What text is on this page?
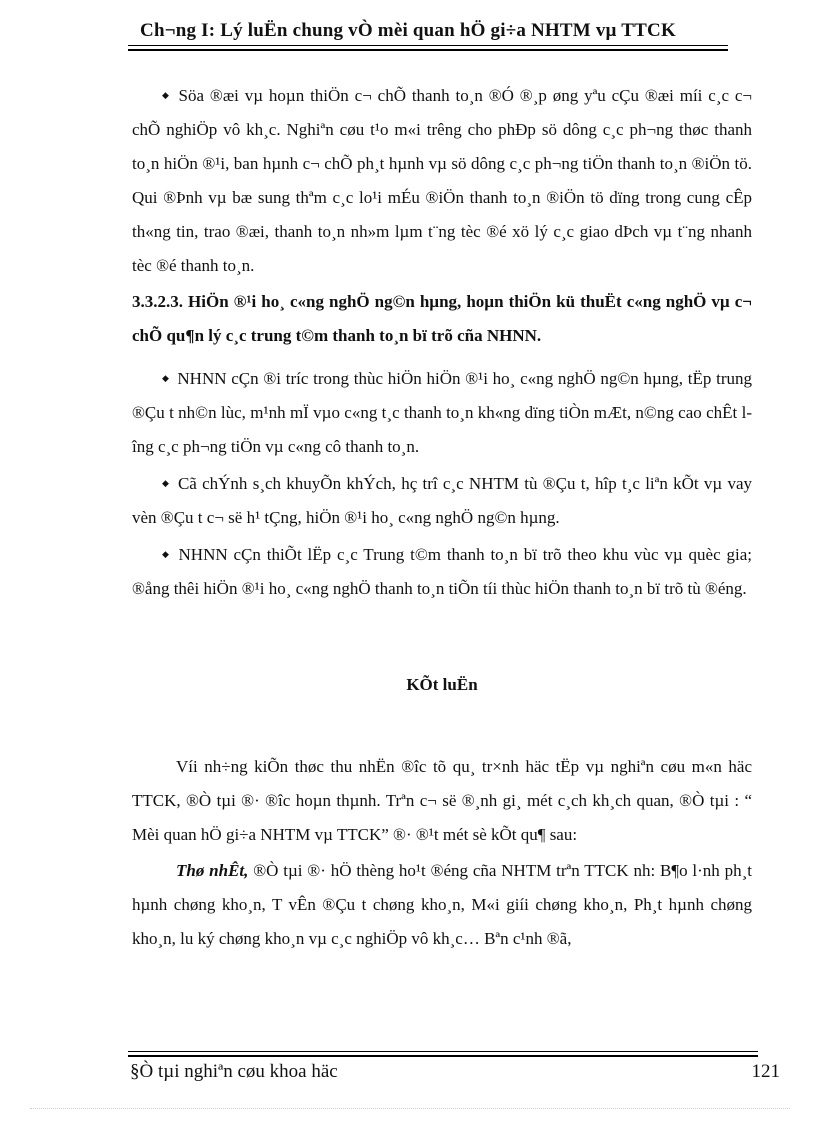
Ch¬ng I: Lý luËn chung vÒ mèi quan hÖ gi÷a NHTM vµ TTCK

◆ Söa ®æi vµ hoµn thiÖn c¬ chÕ thanh to¸n ®Ó ®¸p øng yªu cÇu ®æi míi c¸c c¬ chÕ nghiÖp vô kh¸c. Nghiªn cøu t¹o m«i trêng cho phÐp sö dông c¸c ph¬ng thøc thanh to¸n hiÖn ®¹i, ban hµnh c¬ chÕ ph¸t hµnh vµ sö dông c¸c ph¬ng tiÖn thanh to¸n ®iÖn tö. Qui ®Þnh vµ bæ sung thªm c¸c lo¹i mÉu ®iÖn thanh to¸n ®iÖn tö dïng trong cung cÊp th«ng tin, trao ®æi, thanh to¸n nh»m lµm t¨ng tèc ®é xö lý c¸c giao dÞch vµ t¨ng nhanh tèc ®é thanh to¸n.

3.3.2.3. HiÖn ®¹i ho¸ c«ng nghÖ ng©n hµng, hoµn thiÖn kü thuËt c«ng nghÖ vµ c¬ chÕ qu¶n lý c¸c trung t©m thanh to¸n bï trõ cña NHNN.

◆ NHNN cÇn ®i tríc trong thùc hiÖn hiÖn ®¹i ho¸ c«ng nghÖ ng©n hµng, tËp trung ®Çu t nh©n lùc, m¹nh mÏ vµo c«ng t¸c thanh to¸n kh«ng dïng tiÒn mÆt, n©ng cao chÊt lîng c¸c ph¬ng tiÖn vµ c«ng cô thanh to¸n.

◆ Cã chÝnh s¸ch khuyÕn khÝch, hç trî c¸c NHTM tù ®Çu t, hîp t¸c liªn kÕt vµ vay vèn ®Çu t c¬ së h¹ tÇng, hiÖn ®¹i ho¸ c«ng nghÖ ng©n hµng.

◆ NHNN cÇn thiÕt lËp c¸c Trung t©m thanh to¸n bï trõ theo khu vùc vµ quèc gia; ®ång thêi hiÖn ®¹i ho¸ c«ng nghÖ thanh to¸n tiÕn tíi thùc hiÖn thanh to¸n bï trõ tù ®éng.

KÕt luËn

Víi nh÷ng kiÕn thøc thu nhËn ®îc tõ qu¸ tr×nh häc tËp vµ nghiªn cøu m«n häc TTCK, ®Ò tµi ®· ®îc hoµn thµnh. Trªn c¬ së ®¸nh gi¸ mét c¸ch kh¸ch quan, ®Ò tµi : “ Mèi quan hÖ gi÷a NHTM vµ TTCK” ®· ®¹t mét sè kÕt qu¶ sau:

Thø nhÊt, ®Ò tµi ®· hÖ thèng ho¹t ®éng cña NHTM trªn TTCK nh: B¶o l·nh ph¸t hµnh chøng kho¸n, T vÊn ®Çu t chøng kho¸n, M«i giíi chøng kho¸n, Ph¸t hµnh chøng kho¸n, lu ký chøng kho¸n vµ c¸c nghiÖp vô kh¸c… Bªn c¹nh ®ã,

§Ò tµi nghiªn cøu khoa häc	121
